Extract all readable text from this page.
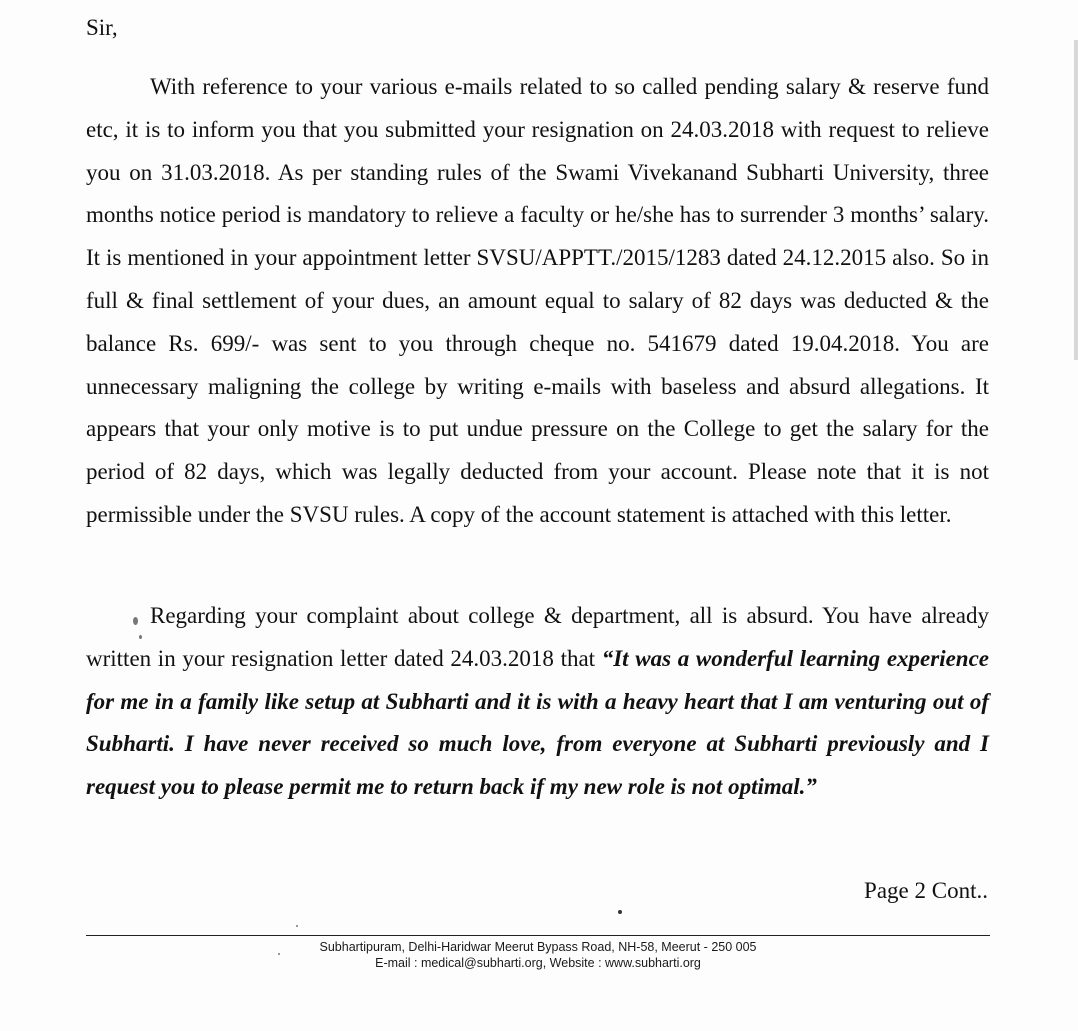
Sir,

With reference to your various e-mails related to so called pending salary & reserve fund etc, it is to inform you that you submitted your resignation on 24.03.2018 with request to relieve you on 31.03.2018. As per standing rules of the Swami Vivekanand Subharti University, three months notice period is mandatory to relieve a faculty or he/she has to surrender 3 months’ salary. It is mentioned in your appointment letter SVSU/APPTT./2015/1283 dated 24.12.2015 also. So in full & final settlement of your dues, an amount equal to salary of 82 days was deducted & the balance Rs. 699/- was sent to you through cheque no. 541679 dated 19.04.2018. You are unnecessary maligning the college by writing e-mails with baseless and absurd allegations. It appears that your only motive is to put undue pressure on the College to get the salary for the period of 82 days, which was legally deducted from your account. Please note that it is not permissible under the SVSU rules. A copy of the account statement is attached with this letter.

Regarding your complaint about college & department, all is absurd. You have already written in your resignation letter dated 24.03.2018 that “It was a wonderful learning experience for me in a family like setup at Subharti and it is with a heavy heart that I am venturing out of Subharti. I have never received so much love, from everyone at Subharti previously and I request you to please permit me to return back if my new role is not optimal.”

Page 2 Cont..
Subhartipuram, Delhi-Haridwar Meerut Bypass Road, NH-58, Meerut - 250 005
E-mail : medical@subharti.org, Website : www.subharti.org
